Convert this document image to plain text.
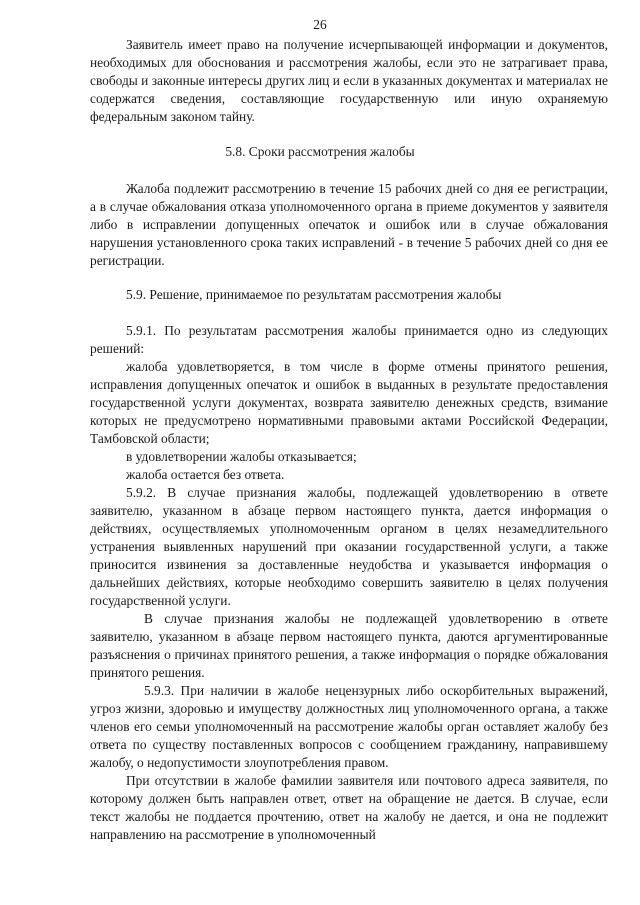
26

Заявитель имеет право на получение исчерпывающей информации и документов, необходимых для обоснования и рассмотрения жалобы, если это не затрагивает права, свободы и законные интересы других лиц и если в указанных документах и материалах не содержатся сведения, составляющие государственную или иную охраняемую федеральным законом тайну.

5.8. Сроки рассмотрения жалобы

Жалоба подлежит рассмотрению в течение 15 рабочих дней со дня ее регистрации, а в случае обжалования отказа уполномоченного органа в приеме документов у заявителя либо в исправлении допущенных опечаток и ошибок или в случае обжалования нарушения установленного срока таких исправлений - в течение 5 рабочих дней со дня ее регистрации.

5.9. Решение, принимаемое по результатам рассмотрения жалобы

5.9.1. По результатам рассмотрения жалобы принимается одно из следующих решений:

жалоба удовлетворяется, в том числе в форме отмены принятого решения, исправления допущенных опечаток и ошибок в выданных в результате предоставления государственной услуги документах, возврата заявителю денежных средств, взимание которых не предусмотрено нормативными правовыми актами Российской Федерации, Тамбовской области;

в удовлетворении жалобы отказывается;

жалоба остается без ответа.

5.9.2. В случае признания жалобы, подлежащей удовлетворению в ответе заявителю, указанном в абзаце первом настоящего пункта, дается информация о действиях, осуществляемых уполномоченным органом в целях незамедлительного устранения выявленных нарушений при оказании государственной услуги, а также приносится извинения за доставленные неудобства и указывается информация о дальнейших действиях, которые необходимо совершить заявителю в целях получения государственной услуги.

В случае признания жалобы не подлежащей удовлетворению в ответе заявителю, указанном в абзаце первом настоящего пункта, даются аргументированные разъяснения о причинах принятого решения, а также информация о порядке обжалования принятого решения.

5.9.3. При наличии в жалобе нецензурных либо оскорбительных выражений, угроз жизни, здоровью и имуществу должностных лиц уполномоченного органа, а также членов его семьи уполномоченный на рассмотрение жалобы орган оставляет жалобу без ответа по существу поставленных вопросов с сообщением гражданину, направившему жалобу, о недопустимости злоупотребления правом.

При отсутствии в жалобе фамилии заявителя или почтового адреса заявителя, по которому должен быть направлен ответ, ответ на обращение не дается. В случае, если текст жалобы не поддается прочтению, ответ на жалобу не дается, и она не подлежит направлению на рассмотрение в уполномоченный
